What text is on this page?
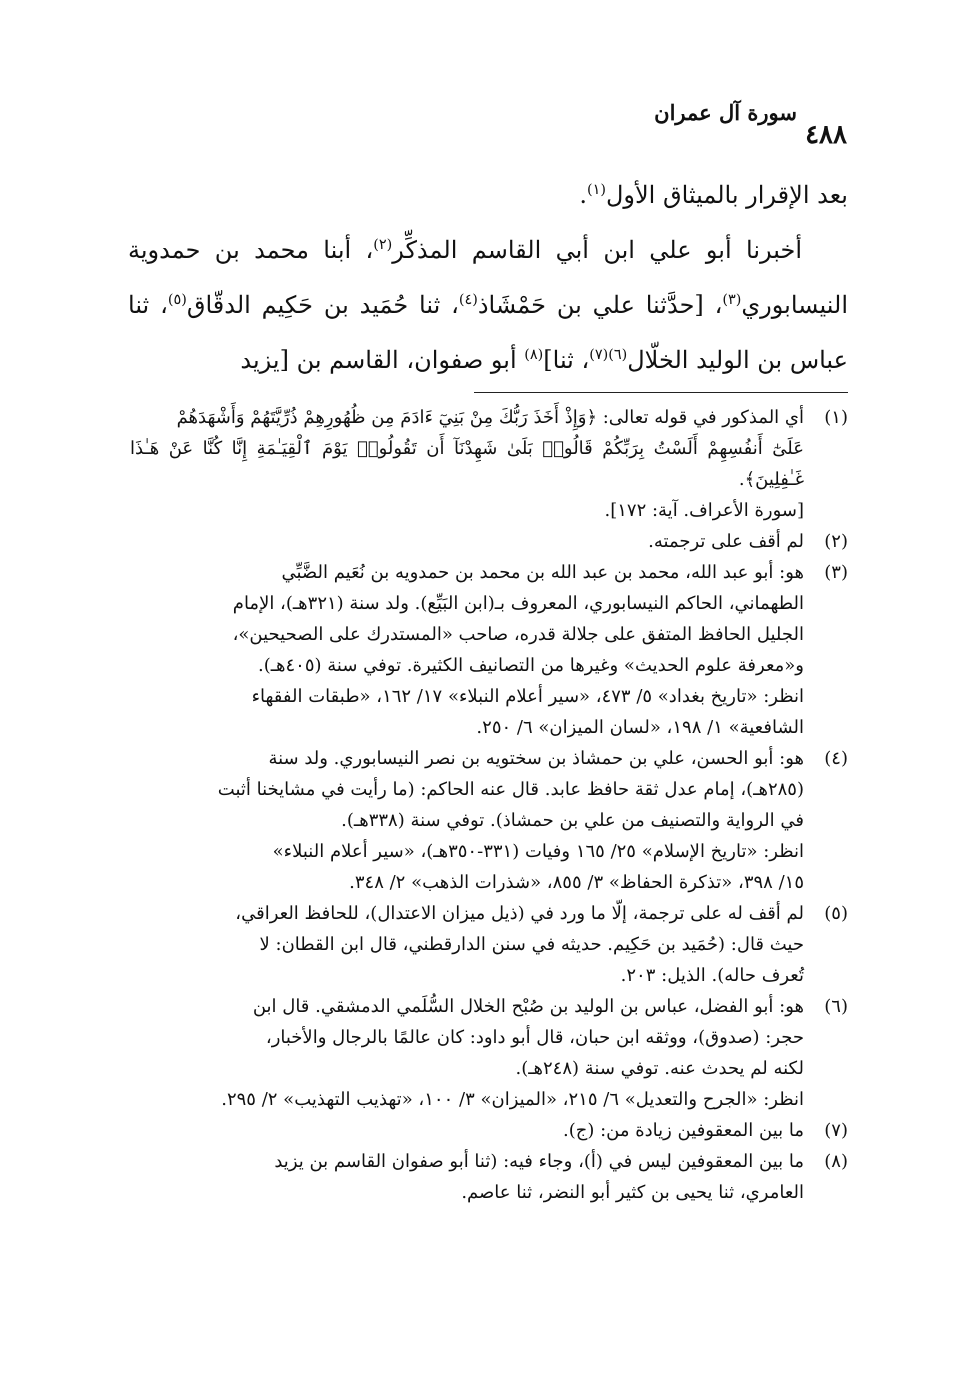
سورة آل عمران
٤٨٨

بعد الإقرار بالميثاق الأول$^{(١)}$.

أخبرنا أبو علي ابن أبي القاسم المذكِّر$^{(٢)}$، أبنا محمد بن حمدوية النيسابوري$^{(٣)}$، [حدَّثنا علي بن حَمْشَاذ$^{(٤)}$، ثنا حُمَيد بن حَكِيم الدقّاق$^{(٥)}$، ثنا عباس بن الوليد الخلّال$^{(٦)(٧)}$، ثنا]$^{(٨)}$ أبو صفوان، القاسم بن [يزيد

(١)
أي المذكور في قوله تعالى: ﴿وَإِذْ أَخَذَ رَبُّكَ مِنْ بَنِيٓ ءَادَمَ مِن ظُهُورِهِمْ ذُرِّيَّتَهُمْ وَأَشْهَدَهُمْ
عَلَىٰٓ أَنفُسِهِمْ أَلَسْتُ بِرَبِّكُمْ قَالُوا۟ بَلَىٰ شَهِدْنَآ أَن تَقُولُوا۟ يَوْمَ ٱلْقِيَـٰمَةِ إِنَّا كُنَّا عَنْ هَـٰذَا غَـٰفِلِينَ﴾.
[سورة الأعراف. آية: ١٧٢].
(٢)
لم أقف على ترجمته.
(٣)
هو: أبو عبد الله، محمد بن عبد الله بن محمد بن حمدويه بن نُعَيم الضَّبِّي
الطهماني، الحاكم النيسابوري، المعروف بـ(ابن البَيِّع). ولد سنة (٣٢١هـ)، الإمام
الجليل الحافظ المتفق على جلالة قدره، صاحب «المستدرك على الصحيحين»،
و«معرفة علوم الحديث» وغيرها من التصانيف الكثيرة. توفي سنة (٤٠٥هـ).
انظر: «تاريخ بغداد» ٥/ ٤٧٣، «سير أعلام النبلاء» ١٧/ ١٦٢، «طبقات الفقهاء
الشافعية» ١/ ١٩٨، «لسان الميزان» ٦/ ٢٥٠.
(٤)
هو: أبو الحسن، علي بن حمشاذ بن سختويه بن نصر النيسابوري. ولد سنة
(٢٨٥هـ)، إمام عدل ثقة حافظ عابد. قال عنه الحاكم: (ما رأيت في مشايخنا أثبت
في الرواية والتصنيف من علي بن حمشاذ). توفي سنة (٣٣٨هـ).
انظر: «تاريخ الإسلام» ٢٥/ ١٦٥ وفيات (٣٣١-٣٥٠هـ)، «سير أعلام النبلاء»
١٥/ ٣٩٨، «تذكرة الحفاظ» ٣/ ٨٥٥، «شذرات الذهب» ٢/ ٣٤٨.
(٥)
لم أقف له على ترجمة، إلّا ما ورد في (ذيل ميزان الاعتدال)، للحافظ العراقي،
حيث قال: (حُمَيد بن حَكِيم. حديثه في سنن الدارقطني، قال ابن القطان: لا
تُعرف حاله). الذيل: ٢٠٣.
(٦)
هو: أبو الفضل، عباس بن الوليد بن صُبْح الخلال السُّلَمي الدمشقي. قال ابن
حجر: (صدوق)، ووثقه ابن حبان، قال أبو داود: كان عالمًا بالرجال والأخبار،
لكنه لم يحدث عنه. توفي سنة (٢٤٨هـ).
انظر: «الجرح والتعديل» ٦/ ٢١٥، «الميزان» ٣/ ١٠٠، «تهذيب التهذيب» ٢/ ٢٩٥.
(٧)
ما بين المعقوفين زيادة من: (ج).
(٨)
ما بين المعقوفين ليس في (أ)، وجاء فيه: (ثنا أبو صفوان القاسم بن يزيد
العامري، ثنا يحيى بن كثير أبو النضر، ثنا عاصم.
